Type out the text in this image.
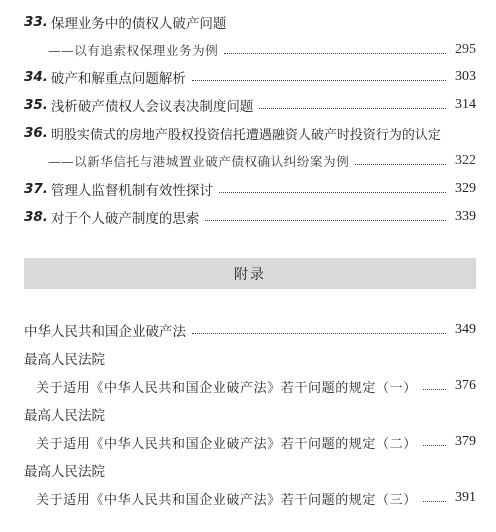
33. 保理业务中的债权人破产问题
——以有追索权保理业务为例	295
34. 破产和解重点问题解析	303
35. 浅析破产债权人会议表决制度问题	314
36. 明股实债式的房地产股权投资信托遭遇融资人破产时投资行为的认定
——以新华信托与港城置业破产债权确认纠纷案为例	322
37. 管理人监督机制有效性探讨	329
38. 对于个人破产制度的思索	339
附录
中华人民共和国企业破产法	349
最高人民法院
关于适用《中华人民共和国企业破产法》若干问题的规定（一）	376
最高人民法院
关于适用《中华人民共和国企业破产法》若干问题的规定（二）	379
最高人民法院
关于适用《中华人民共和国企业破产法》若干问题的规定（三）	391
